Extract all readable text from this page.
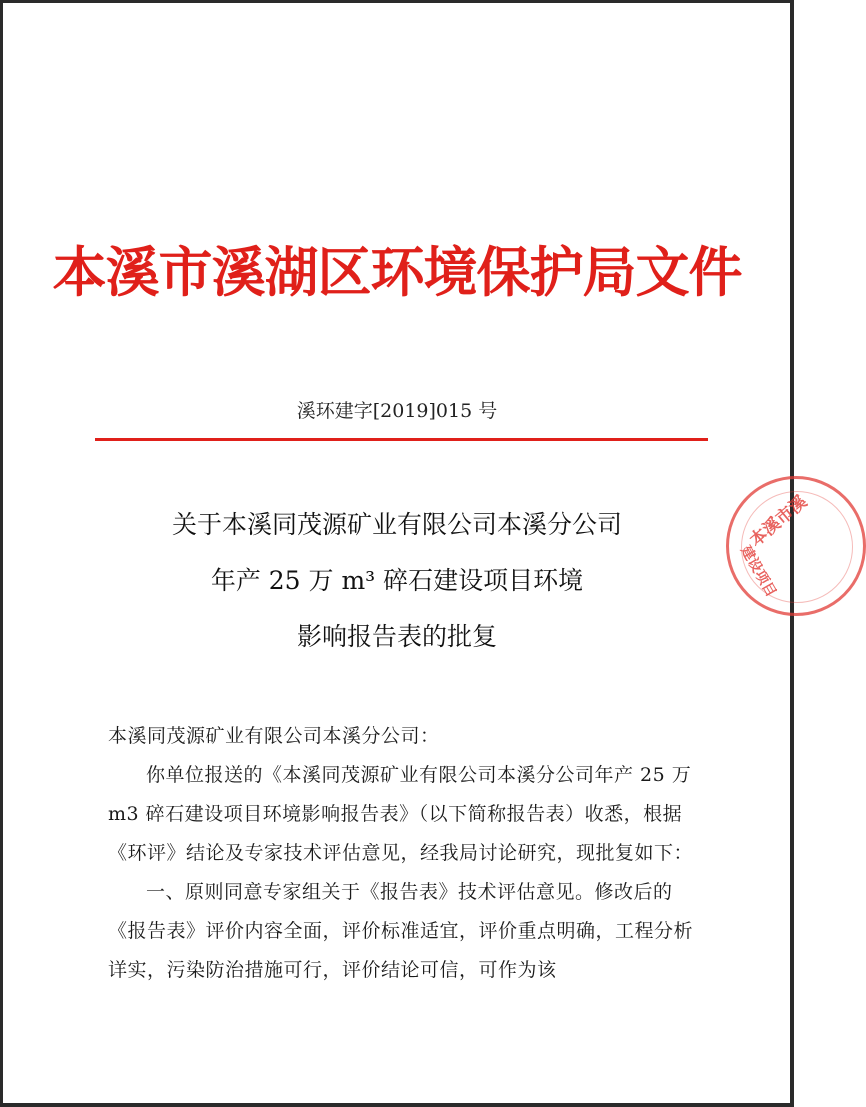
本溪市溪湖区环境保护局文件
溪环建字[2019]015 号
关于本溪同茂源矿业有限公司本溪分公司
年产 25 万 m³ 碎石建设项目环境
影响报告表的批复

本溪同茂源矿业有限公司本溪分公司：

你单位报送的《本溪同茂源矿业有限公司本溪分公司年产 25 万 m3 碎石建设项目环境影响报告表》（以下简称报告表）收悉，根据《环评》结论及专家技术评估意见，经我局讨论研究，现批复如下：

一、原则同意专家组关于《报告表》技术评估意见。修改后的《报告表》评价内容全面，评价标准适宜，评价重点明确，工程分析详实，污染防治措施可行，评价结论可信，可作为该

本溪市溪
建设项目
